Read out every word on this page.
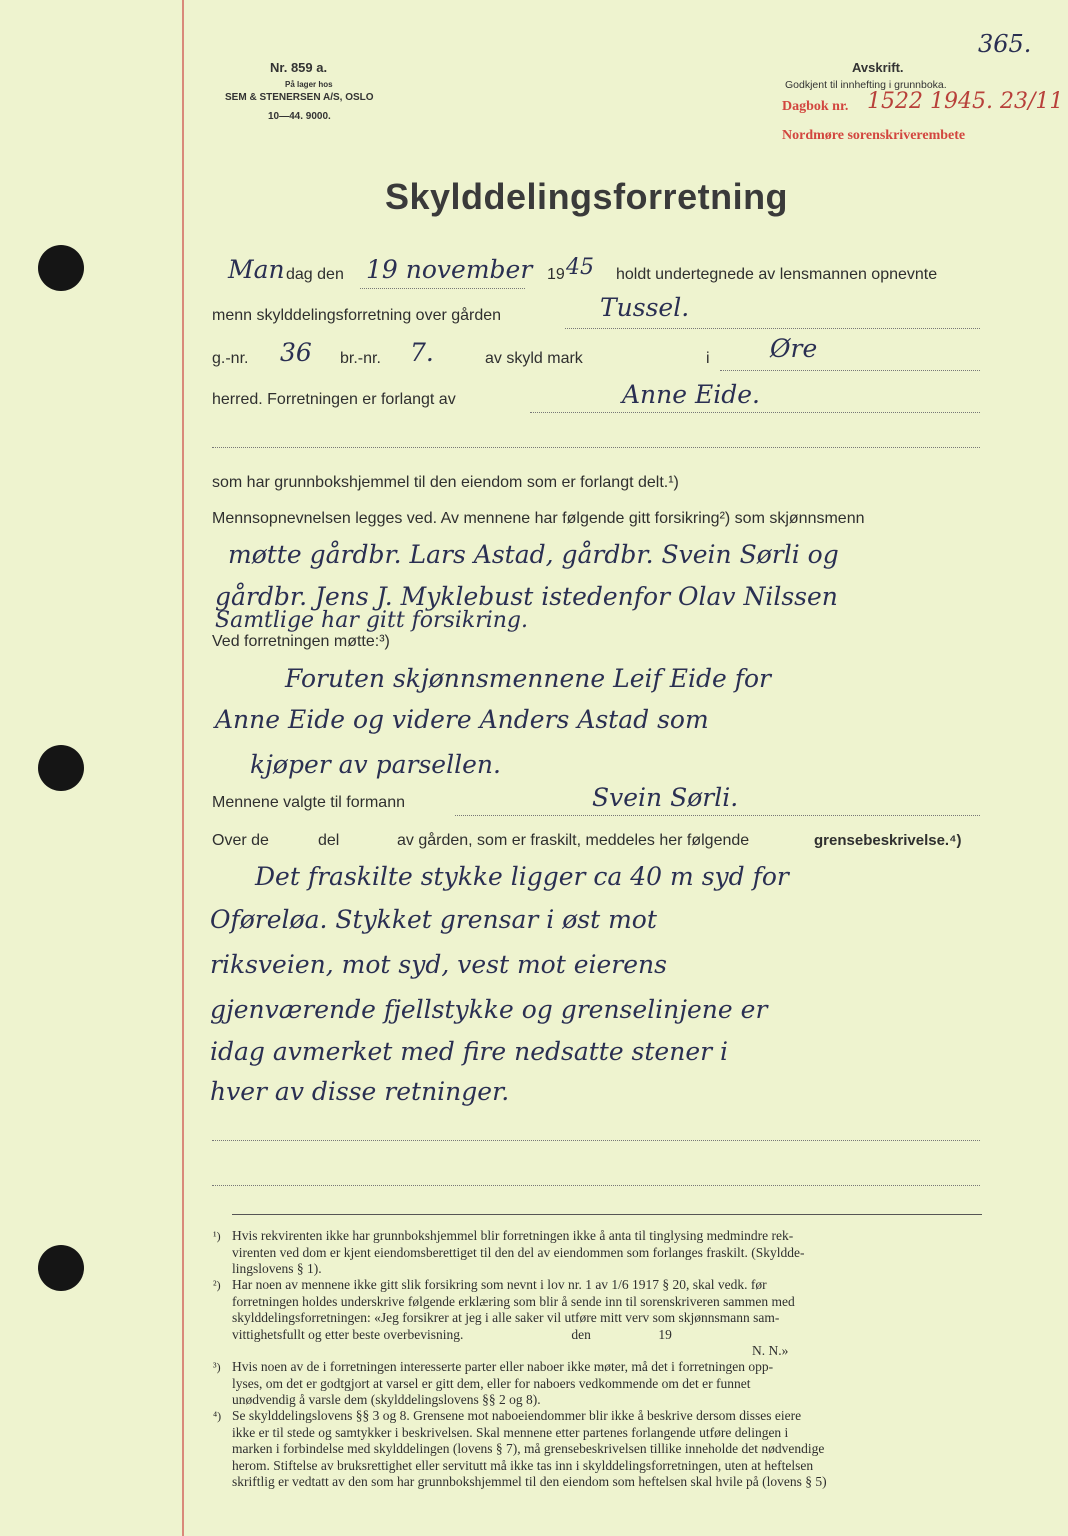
365.
Nr. 859 a.
På lager hos
SEM & STENERSEN A/S, OSLO
10—44. 9000.
Avskrift.
Godkjent til innhefting i grunnboka.
Dagbok nr. 1522 1945. 23/11
Nordmøre sorenskriverembete
Skylddelingsforretning
Man dag den 19 november 19 45 holdt undertegnede av lensmannen opnevnte
menn skylddelingsforretning over gården	Tussel.
g.-nr. 36 br.-nr. 7.	av skyld mark	i Øre
herred. Forretningen er forlangt av	Anne Eide.
som har grunnbokshjemmel til den eiendom som er forlangt delt.¹)
Mennsopnevnelsen legges ved. Av mennene har følgende gitt forsikring²) som skjønnsmenn
møtte gårdbr. Lars Astad, gårdbr. Svein Sørli og
gårdbr. Jens J. Myklebust istedenfor Olav Nilssen
Samtlige har gitt forsikring.
Ved forretningen møtte:³)
Foruten skjønnsmennene Leif Eide for
Anne Eide og videre Anders Astad som
kjøper av parsellen.
Mennene valgte til formann	Svein Sørli.
Over de	del	av gården, som er fraskilt, meddeles her følgende	grensebeskrivelse.⁴)
Det fraskilte stykke ligger ca 40 m syd for
Oføreløa. Stykket grensar i øst mot
riksveien, mot syd, vest mot eierens
gjenværende fjellstykke og grenselinjene er
idag avmerket med fire nedsatte stener i
hver av disse retninger.
¹) Hvis rekvirenten ikke har grunnbokshjemmel blir forretningen ikke å anta til tinglysing medmindre rek-
virenten ved dom er kjent eiendomsberettiget til den del av eiendommen som forlanges fraskilt. (Skyldde-
lingslovens § 1).
²) Har noen av mennene ikke gitt slik forsikring som nevnt i lov nr. 1 av 1/6 1917 § 20, skal vedk. før
forretningen holdes underskrive følgende erklæring som blir å sende inn til sorenskriveren sammen med
skylddelingsforretningen: «Jeg forsikrer at jeg i alle saker vil utføre mitt verv som skjønnsmann sam-
vittighetsfullt og etter beste overbevisning.                                den                    19
N. N.»
³) Hvis noen av de i forretningen interesserte parter eller naboer ikke møter, må det i forretningen opp-
lyses, om det er godtgjort at varsel er gitt dem, eller for naboers vedkommende om det er funnet
unødvendig å varsle dem (skylddelingslovens §§ 2 og 8).
⁴) Se skylddelingslovens §§ 3 og 8. Grensene mot naboeiendommer blir ikke å beskrive dersom disses eiere
ikke er til stede og samtykker i beskrivelsen. Skal mennene etter partenes forlangende utføre delingen i
marken i forbindelse med skylddelingen (lovens § 7), må grensebeskrivelsen tillike inneholde det nødvendige
herom. Stiftelse av bruksrettighet eller servitutt må ikke tas inn i skylddelingsforretningen, uten at heftelsen
skriftlig er vedtatt av den som har grunnbokshjemmel til den eiendom som heftelsen skal hvile på (lovens § 5)
